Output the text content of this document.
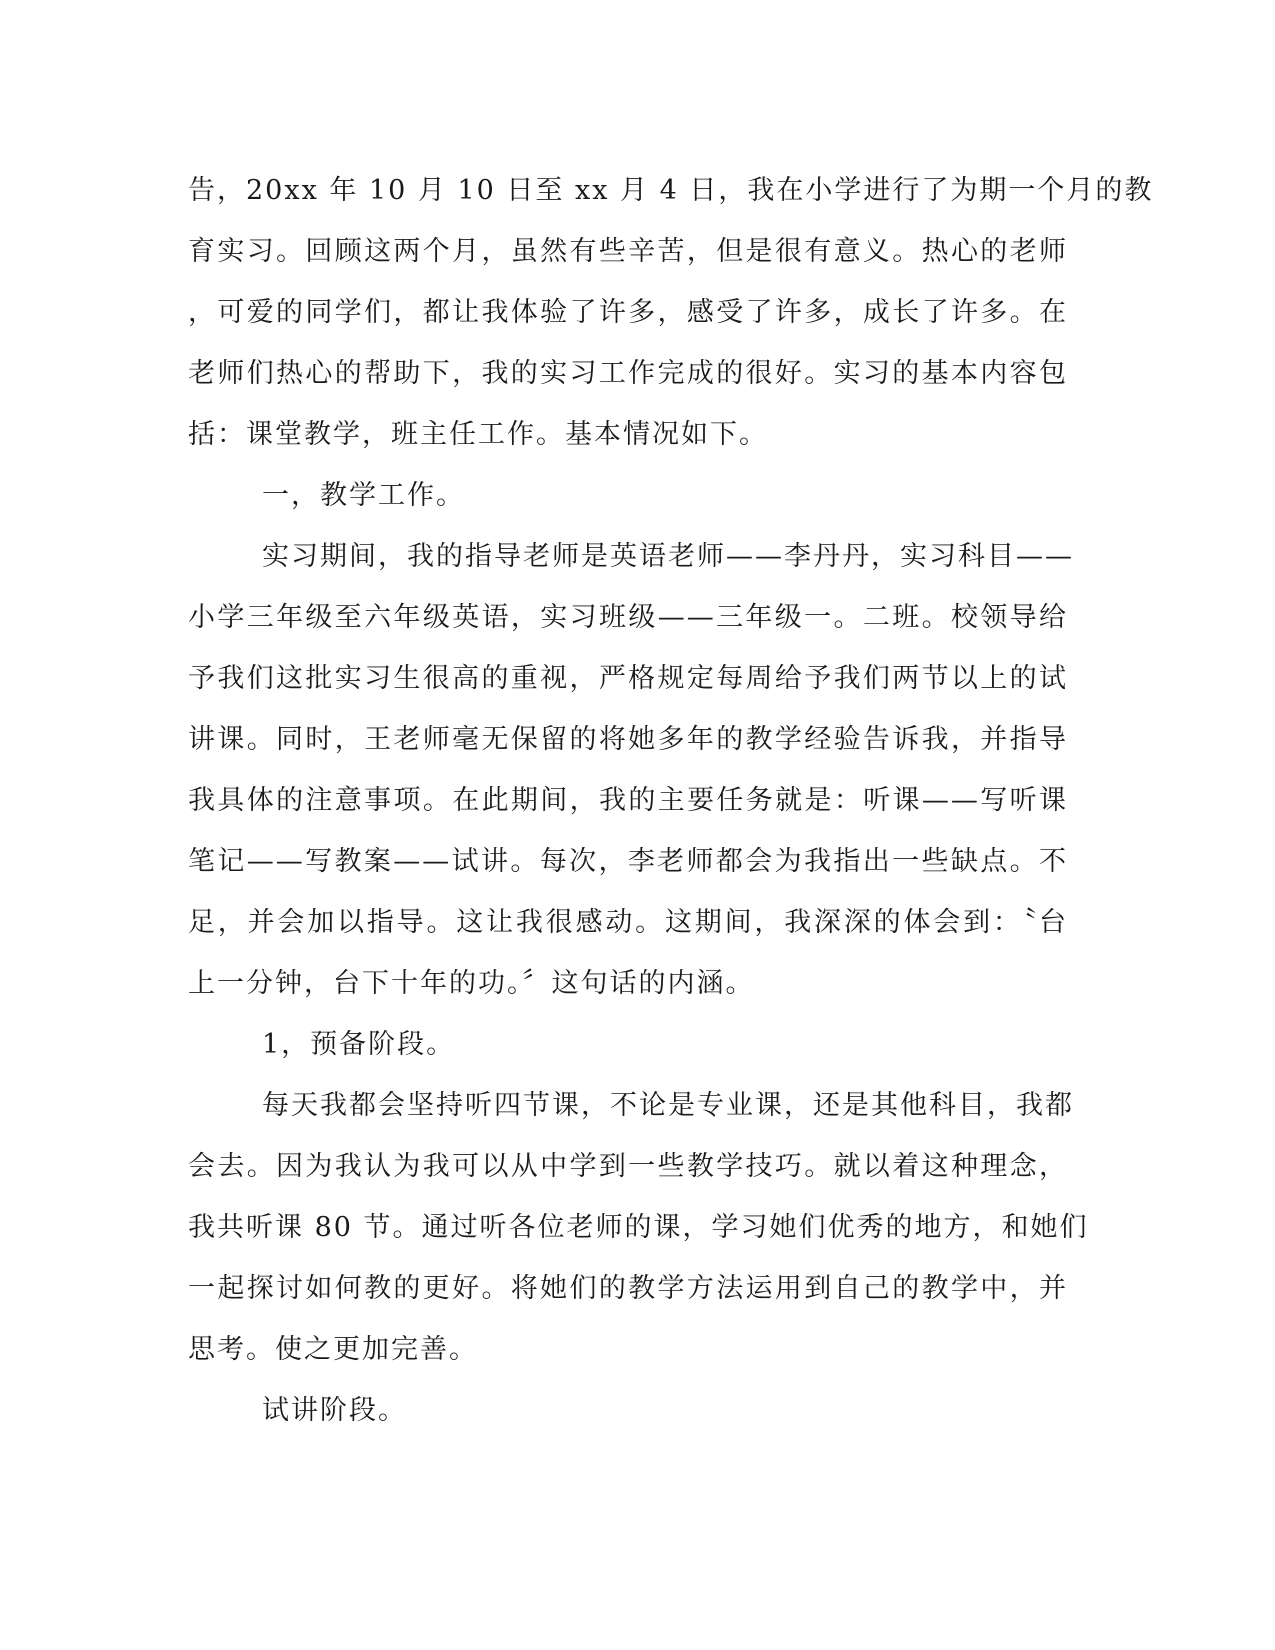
告，20xx 年 10 月 10 日至 xx 月 4 日，我在小学进行了为期一个月的教
育实习。回顾这两个月，虽然有些辛苦，但是很有意义。热心的老师
，可爱的同学们，都让我体验了许多，感受了许多，成长了许多。在
老师们热心的帮助下，我的实习工作完成的很好。实习的基本内容包
括：课堂教学，班主任工作。基本情况如下。
一，教学工作。
实习期间，我的指导老师是英语老师——李丹丹，实习科目——
小学三年级至六年级英语，实习班级——三年级一。二班。校领导给
予我们这批实习生很高的重视，严格规定每周给予我们两节以上的试
讲课。同时，王老师毫无保留的将她多年的教学经验告诉我，并指导
我具体的注意事项。在此期间，我的主要任务就是：听课——写听课
笔记——写教案——试讲。每次，李老师都会为我指出一些缺点。不
足，并会加以指导。这让我很感动。这期间，我深深的体会到：〝台
上一分钟，台下十年的功。〞这句话的内涵。
1，预备阶段。
每天我都会坚持听四节课，不论是专业课，还是其他科目，我都
会去。因为我认为我可以从中学到一些教学技巧。就以着这种理念，
我共听课 80 节。通过听各位老师的课，学习她们优秀的地方，和她们
一起探讨如何教的更好。将她们的教学方法运用到自己的教学中，并
思考。使之更加完善。
试讲阶段。
